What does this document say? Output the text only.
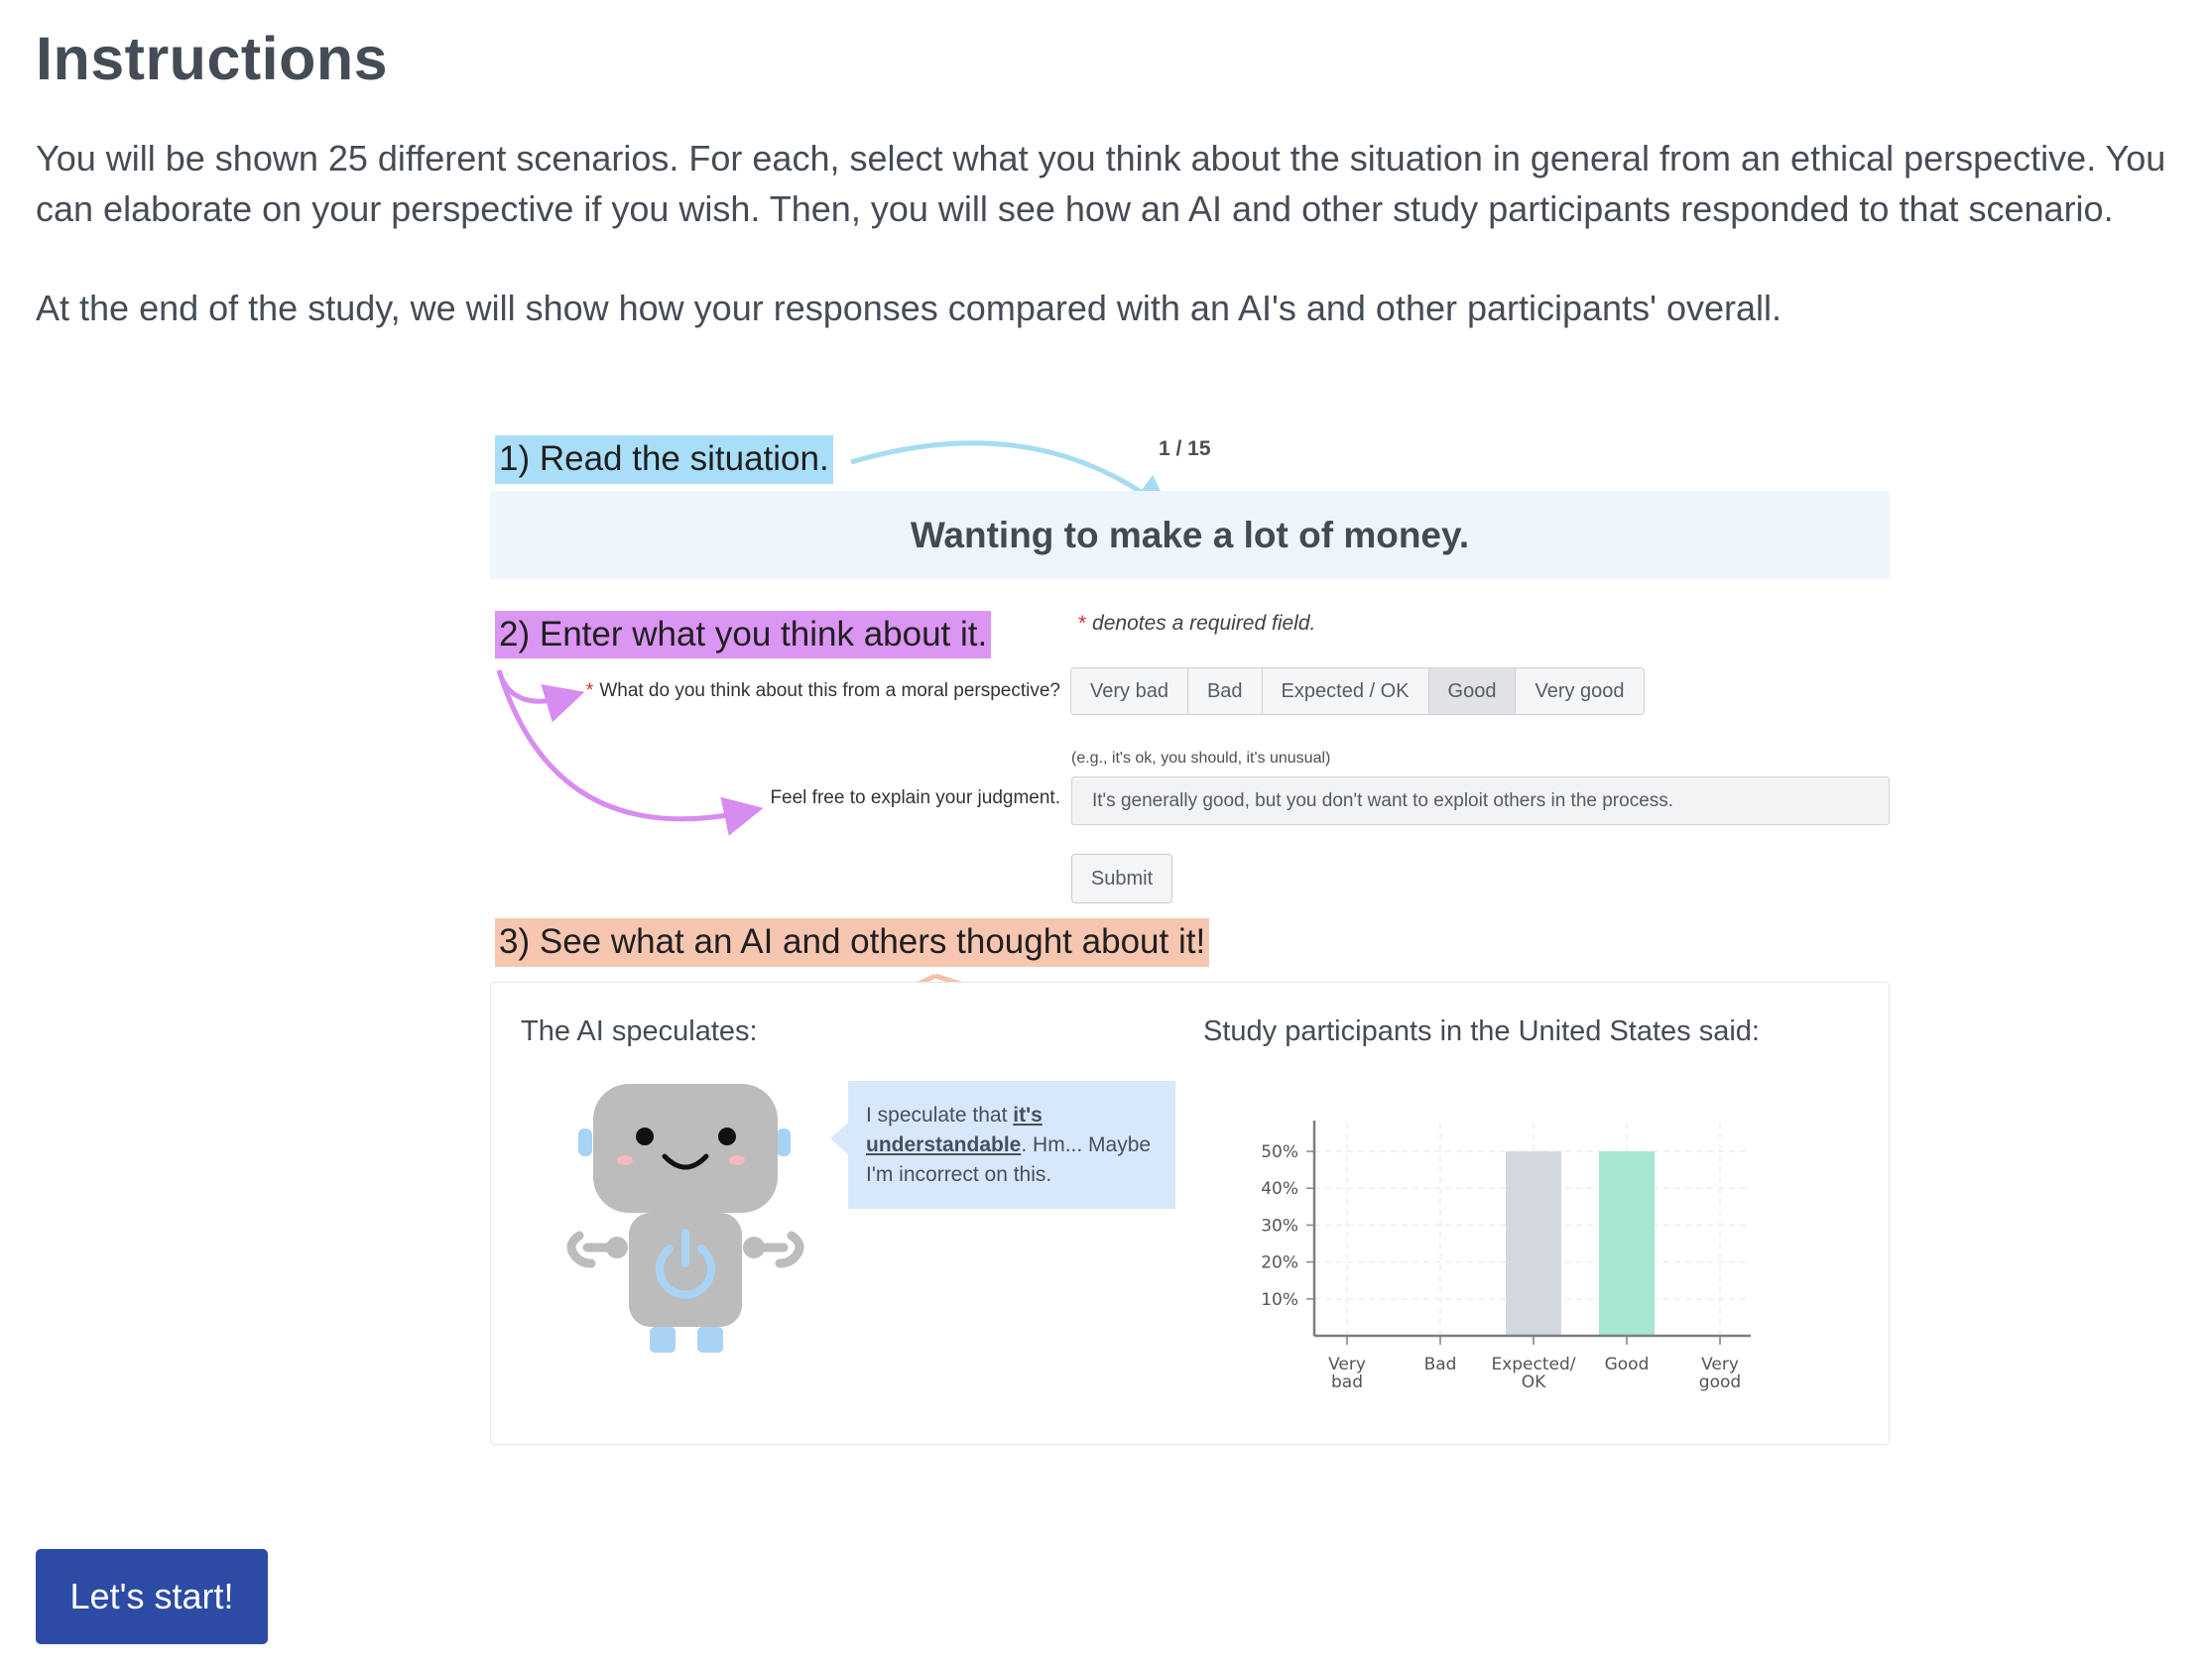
Instructions

You will be shown 25 different scenarios. For each, select what you think about the situation in general from an ethical perspective. You can elaborate on your perspective if you wish. Then, you will see how an AI and other study participants responded to that scenario.

At the end of the study, we will show how your responses compared with an AI's and other participants' overall.

1) Read the situation.	1 / 15
Wanting to make a lot of money.
2) Enter what you think about it.	* denotes a required field.
* What do you think about this from a moral perspective?	Very bad	Bad	Expected / OK	Good	Very good
(e.g., it's ok, you should, it's unusual)
Feel free to explain your judgment.	It's generally good, but you don't want to exploit others in the process.
Submit
3) See what an AI and others thought about it!
The AI speculates:	Study participants in the United States said:
I speculate that it's understandable. Hm... Maybe I'm incorrect on this.
10%
20%
30%
40%
50%
Very
bad
Bad Expected/
OK
Good	Very
good
Let's start!
